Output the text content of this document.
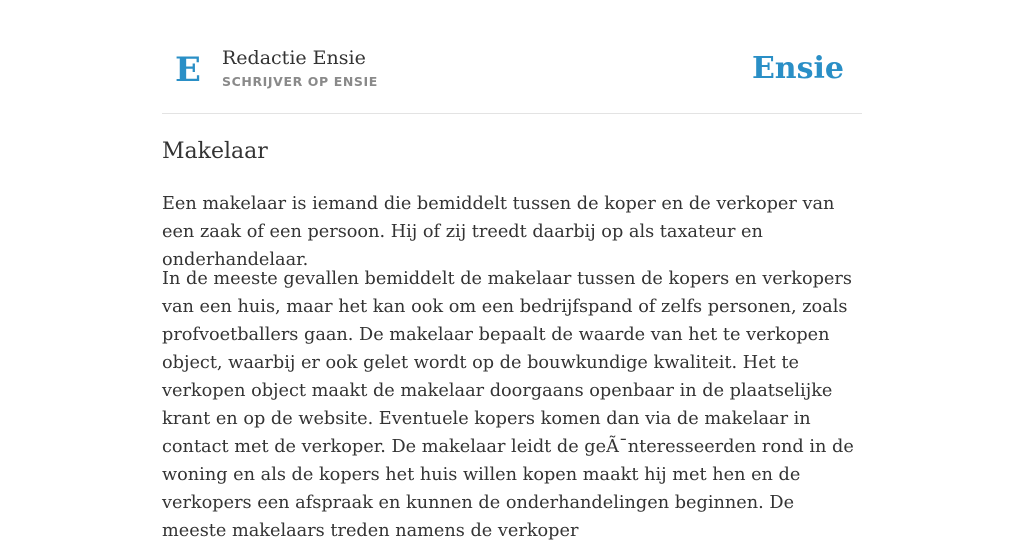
E Redactie Ensie
SCHRIJVER OP ENSIE	Ensie
Makelaar

Een makelaar is iemand die bemiddelt tussen de koper en de verkoper van een zaak of een persoon. Hij of zij treedt daarbij op als taxateur en onderhandelaar.

In de meeste gevallen bemiddelt de makelaar tussen de kopers en verkopers van een huis, maar het kan ook om een bedrijfspand of zelfs personen, zoals profvoetballers gaan. De makelaar bepaalt de waarde van het te verkopen object, waarbij er ook gelet wordt op de bouwkundige kwaliteit. Het te verkopen object maakt de makelaar doorgaans openbaar in de plaatselijke krant en op de website. Eventuele kopers komen dan via de makelaar in contact met de verkoper. De makelaar leidt de geÃ¯nteresseerden rond in de woning en als de kopers het huis willen kopen maakt hij met hen en de verkopers een afspraak en kunnen de onderhandelingen beginnen. De meeste makelaars treden namens de verkoper
